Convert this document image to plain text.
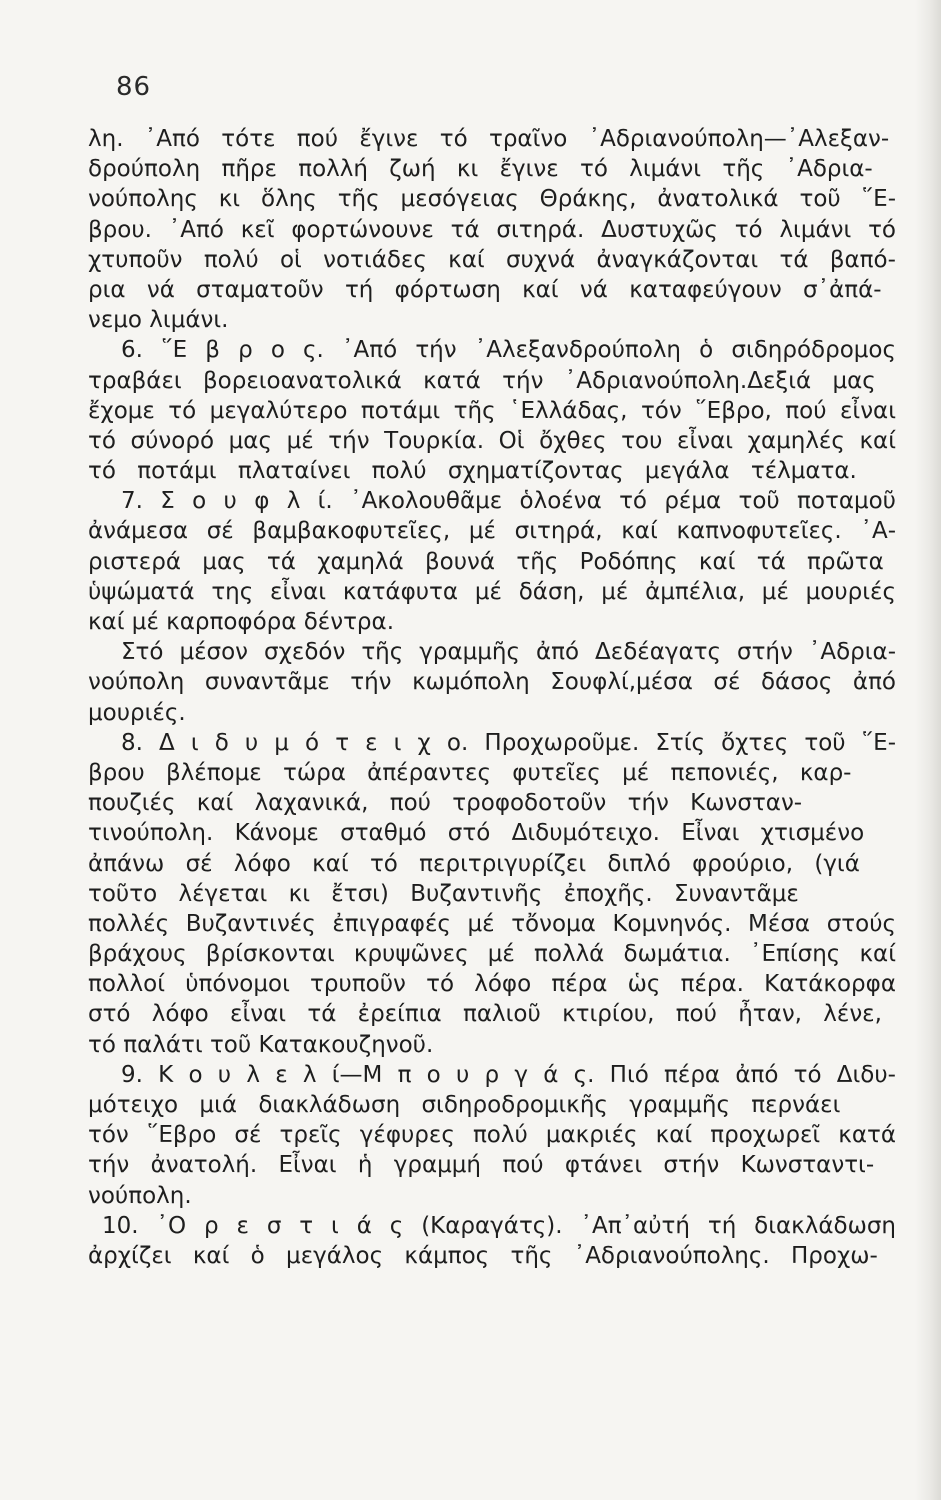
86
λη. ᾿Από τότε πού ἔγινε τό τραῖνο ᾿Αδριανούπολη—᾿Αλεξαν-
δρούπολη πῆρε πολλή ζωή κι ἔγινε τό λιμάνι τῆς ᾿Αδρια-
νούπολης κι ὅλης τῆς μεσόγειας Θράκης, ἀνατολικά τοῦ ῞Ε-
βρου. ᾿Από κεῖ φορτώνουνε τά σιτηρά. Δυστυχῶς τό λιμάνι τό
χτυποῦν πολύ οἱ νοτιάδες καί συχνά ἀναγκάζονται τά βαπό-
ρια νά σταματοῦν τή φόρτωση καί νά καταφεύγουν σ᾿ἀπά-
νεμο λιμάνι.
6. ῞Ε β ρ ο ς. ᾿Από τήν ᾿Αλεξανδρούπολη ὁ σιδηρόδρομος
τραβάει βορειοανατολικά κατά τήν ᾿Αδριανούπολη.Δεξιά μας
ἔχομε τό μεγαλύτερο ποτάμι τῆς ῾Ελλάδας, τόν ῞Εβρο, πού εἶναι
τό σύνορό μας μέ τήν Τουρκία. Οἱ ὄχθες του εἶναι χαμηλές καί
τό ποτάμι πλαταίνει πολύ σχηματίζοντας μεγάλα τέλματα.
7. Σ ο υ φ λ ί. ᾿Ακολουθᾶμε ὁλοένα τό ρέμα τοῦ ποταμοῦ
ἀνάμεσα σέ βαμβακοφυτεῖες, μέ σιτηρά, καί καπνοφυτεῖες. ᾿Α-
ριστερά μας τά χαμηλά βουνά τῆς Ροδόπης καί τά πρῶτα
ὑψώματά της εἶναι κατάφυτα μέ δάση, μέ ἀμπέλια, μέ μουριές
καί μέ καρποφόρα δέντρα.
Στό μέσον σχεδόν τῆς γραμμῆς ἀπό Δεδέαγατς στήν ᾿Αδρια-
νούπολη συναντᾶμε τήν κωμόπολη Σουφλί,μέσα σέ δάσος ἀπό
μουριές.
8. Δ ι δ υ μ ό τ ε ι χ ο. Προχωροῦμε. Στίς ὄχτες τοῦ ῞Ε-
βρου βλέπομε τώρα ἀπέραντες φυτεῖες μέ πεπονιές, καρ-
πουζιές καί λαχανικά, πού τροφοδοτοῦν τήν Κωνσταν-
τινούπολη. Κάνομε σταθμό στό Διδυμότειχο. Εἶναι χτισμένο
ἀπάνω σέ λόφο καί τό περιτριγυρίζει διπλό φρούριο, (γιά
τοῦτο λέγεται κι ἔτσι) Βυζαντινῆς ἐποχῆς. Συναντᾶμε
πολλές Βυζαντινές ἐπιγραφές μέ τὄνομα Κομνηνός. Μέσα στούς
βράχους βρίσκονται κρυψῶνες μέ πολλά δωμάτια. ᾿Επίσης καί
πολλοί ὑπόνομοι τρυποῦν τό λόφο πέρα ὡς πέρα. Κατάκορφα
στό λόφο εἶναι τά ἐρείπια παλιοῦ κτιρίου, πού ἦταν, λένε,
τό παλάτι τοῦ Κατακουζηνοῦ.
9. Κ ο υ λ ε λ ί—Μ π ο υ ρ γ ά ς. Πιό πέρα ἀπό τό Διδυ-
μότειχο μιά διακλάδωση σιδηροδρομικῆς γραμμῆς περνάει
τόν ῞Εβρο σέ τρεῖς γέφυρες πολύ μακριές καί προχωρεῖ κατά
τήν ἀνατολή. Εἶναι ἡ γραμμή πού φτάνει στήν Κωνσταντι-
νούπολη.
10. ᾿Ο ρ ε σ τ ι ά ς (Καραγάτς). ᾿Απ᾿αὐτή τή διακλάδωση
ἀρχίζει καί ὁ μεγάλος κάμπος τῆς ᾿Αδριανούπολης. Προχω-
